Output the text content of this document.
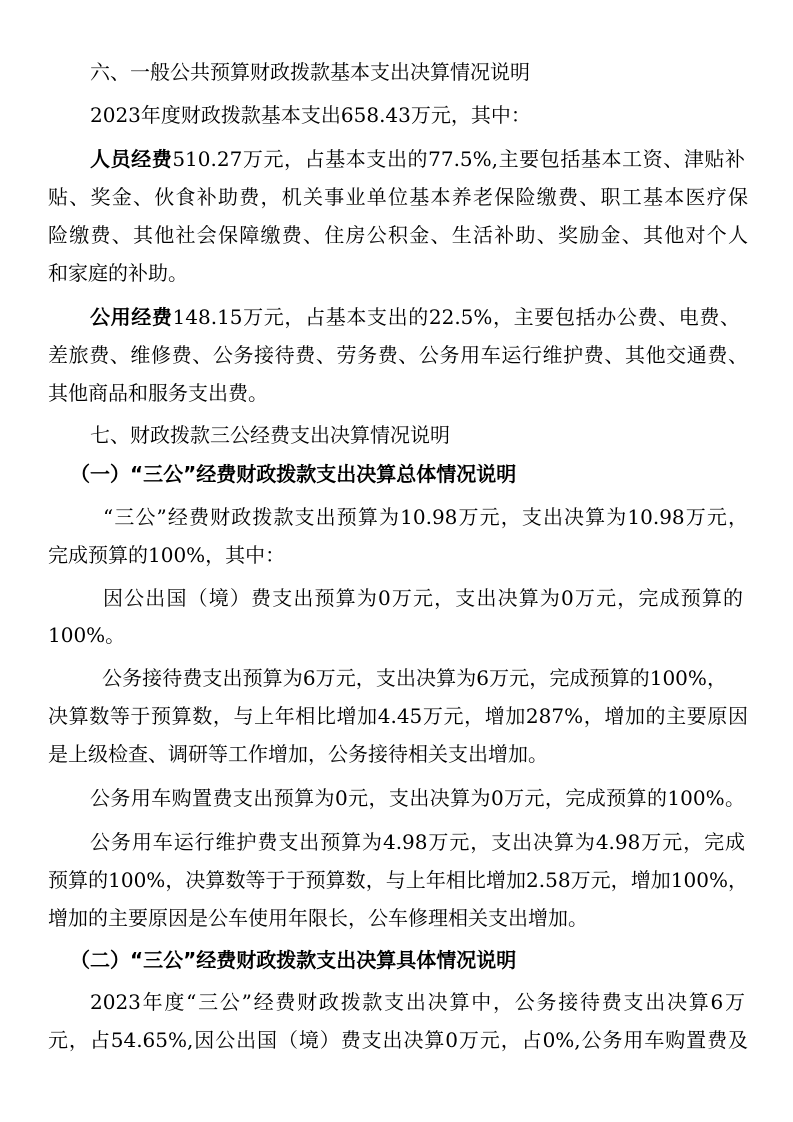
六、一般公共预算财政拨款基本支出决算情况说明
2023年度财政拨款基本支出658.43万元，其中：
人员经费510.27万元，占基本支出的77.5%,主要包括基本工资、津贴补
贴、奖金、伙食补助费，机关事业单位基本养老保险缴费、职工基本医疗保
险缴费、其他社会保障缴费、住房公积金、生活补助、奖励金、其他对个人
和家庭的补助。
公用经费148.15万元，占基本支出的22.5%，主要包括办公费、电费、
差旅费、维修费、公务接待费、劳务费、公务用车运行维护费、其他交通费、
其他商品和服务支出费。
七、财政拨款三公经费支出决算情况说明
（一）“三公”经费财政拨款支出决算总体情况说明
“三公”经费财政拨款支出预算为10.98万元，支出决算为10.98万元，
完成预算的100%，其中：
因公出国（境）费支出预算为0万元，支出决算为0万元，完成预算的
100%。
公务接待费支出预算为6万元，支出决算为6万元，完成预算的100%，
决算数等于预算数，与上年相比增加4.45万元，增加287%，增加的主要原因
是上级检查、调研等工作增加，公务接待相关支出增加。
公务用车购置费支出预算为0元，支出决算为0万元，完成预算的100%。
公务用车运行维护费支出预算为4.98万元，支出决算为4.98万元，完成
预算的100%，决算数等于于预算数，与上年相比增加2.58万元，增加100%，
增加的主要原因是公车使用年限长，公车修理相关支出增加。
（二）“三公”经费财政拨款支出决算具体情况说明
2023年度“三公”经费财政拨款支出决算中，公务接待费支出决算6万
元，占54.65%,因公出国（境）费支出决算0万元，占0%,公务用车购置费及
